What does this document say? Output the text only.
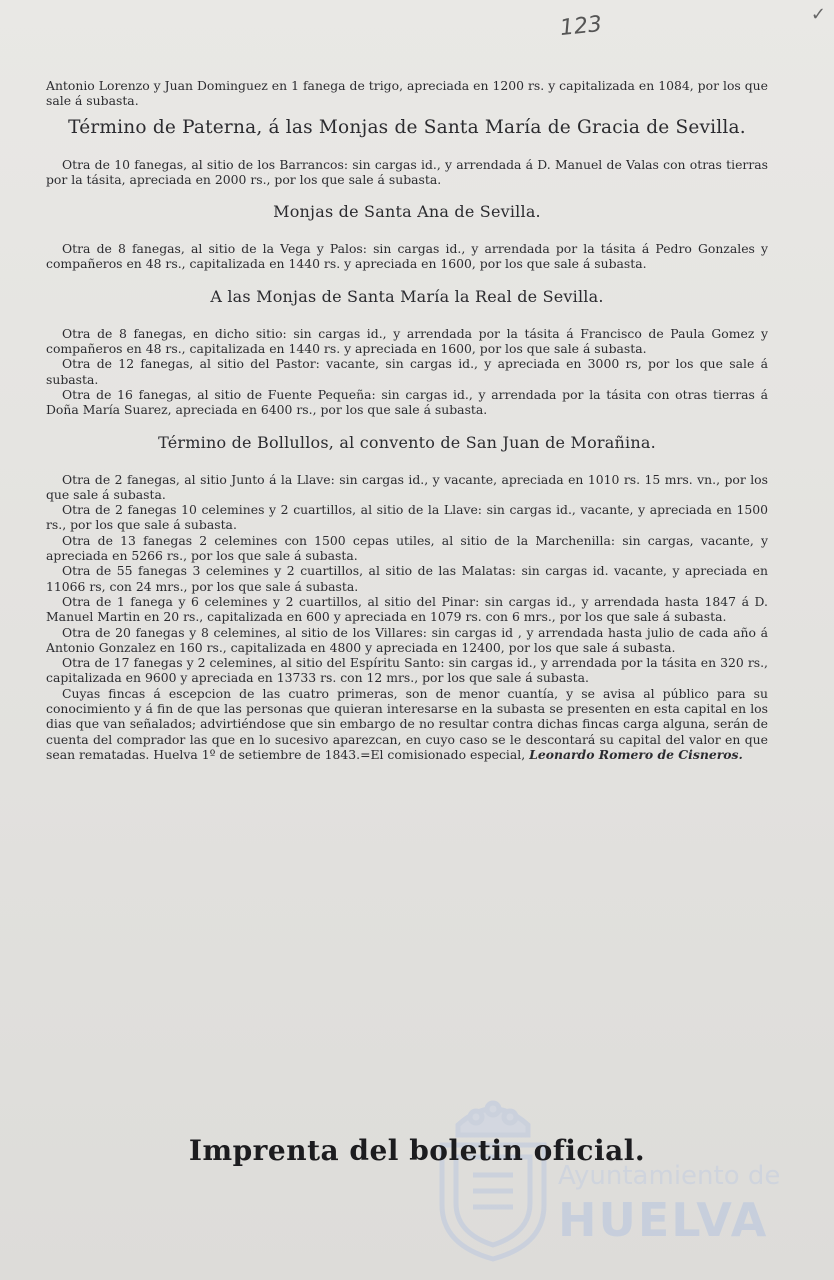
123	✓

Antonio Lorenzo y Juan Dominguez en 1 fanega de trigo, apreciada en 1200 rs. y capitalizada en 1084, por los que sale á subasta.

Término de Paterna, á las Monjas de Santa María de Gracia de Sevilla.

Otra de 10 fanegas, al sitio de los Barrancos: sin cargas id., y arrendada á D. Manuel de Valas con otras tierras por la tásita, apreciada en 2000 rs., por los que sale á subasta.

Monjas de Santa Ana de Sevilla.

Otra de 8 fanegas, al sitio de la Vega y Palos: sin cargas id., y arrendada por la tásita á Pedro Gonzales y compañeros en 48 rs., capitalizada en 1440 rs. y apreciada en 1600, por los que sale á subasta.

A las Monjas de Santa María la Real de Sevilla.

Otra de 8 fanegas, en dicho sitio: sin cargas id., y arrendada por la tásita á Francisco de Paula Gomez y compañeros en 48 rs., capitalizada en 1440 rs. y apreciada en 1600, por los que sale á subasta.

Otra de 12 fanegas, al sitio del Pastor: vacante, sin cargas id., y apreciada en 3000 rs, por los que sale á subasta.

Otra de 16 fanegas, al sitio de Fuente Pequeña: sin cargas id., y arrendada por la tásita con otras tierras á Doña María Suarez, apreciada en 6400 rs., por los que sale á subasta.

Término de Bollullos, al convento de San Juan de Morañina.

Otra de 2 fanegas, al sitio Junto á la Llave: sin cargas id., y vacante, apreciada en 1010 rs. 15 mrs. vn., por los que sale á subasta.

Otra de 2 fanegas 10 celemines y 2 cuartillos, al sitio de la Llave: sin cargas id., vacante, y apreciada en 1500 rs., por los que sale á subasta.

Otra de 13 fanegas 2 celemines con 1500 cepas utiles, al sitio de la Marchenilla: sin cargas, vacante, y apreciada en 5266 rs., por los que sale á subasta.

Otra de 55 fanegas 3 celemines y 2 cuartillos, al sitio de las Malatas: sin cargas id. vacante, y apreciada en 11066 rs, con 24 mrs., por los que sale á subasta.

Otra de 1 fanega y 6 celemines y 2 cuartillos, al sitio del Pinar: sin cargas id., y arrendada hasta 1847 á D. Manuel Martin en 20 rs., capitalizada en 600 y apreciada en 1079 rs. con 6 mrs., por los que sale á subasta.

Otra de 20 fanegas y 8 celemines, al sitio de los Villares: sin cargas id , y arrendada hasta julio de cada año á Antonio Gonzalez en 160 rs., capitalizada en 4800 y apreciada en 12400, por los que sale á subasta.

Otra de 17 fanegas y 2 celemines, al sitio del Espíritu Santo: sin cargas id., y arrendada por la tásita en 320 rs., capitalizada en 9600 y apreciada en 13733 rs. con 12 mrs., por los que sale á subasta.

Cuyas fincas á escepcion de las cuatro primeras, son de menor cuantía, y se avisa al público para su conocimiento y á fin de que las personas que quieran interesarse en la subasta se presenten en esta capital en los dias que van señalados; advirtiéndose que sin embargo de no resultar contra dichas fincas carga alguna, serán de cuenta del comprador las que en lo sucesivo aparezcan, en cuyo caso se le descontará su capital del valor en que sean rematadas. Huelva 1º de setiembre de 1843.=El comisionado especial, Leonardo Romero de Cisneros.

Ayuntamiento de
HUELVA
Imprenta del boletin oficial.
